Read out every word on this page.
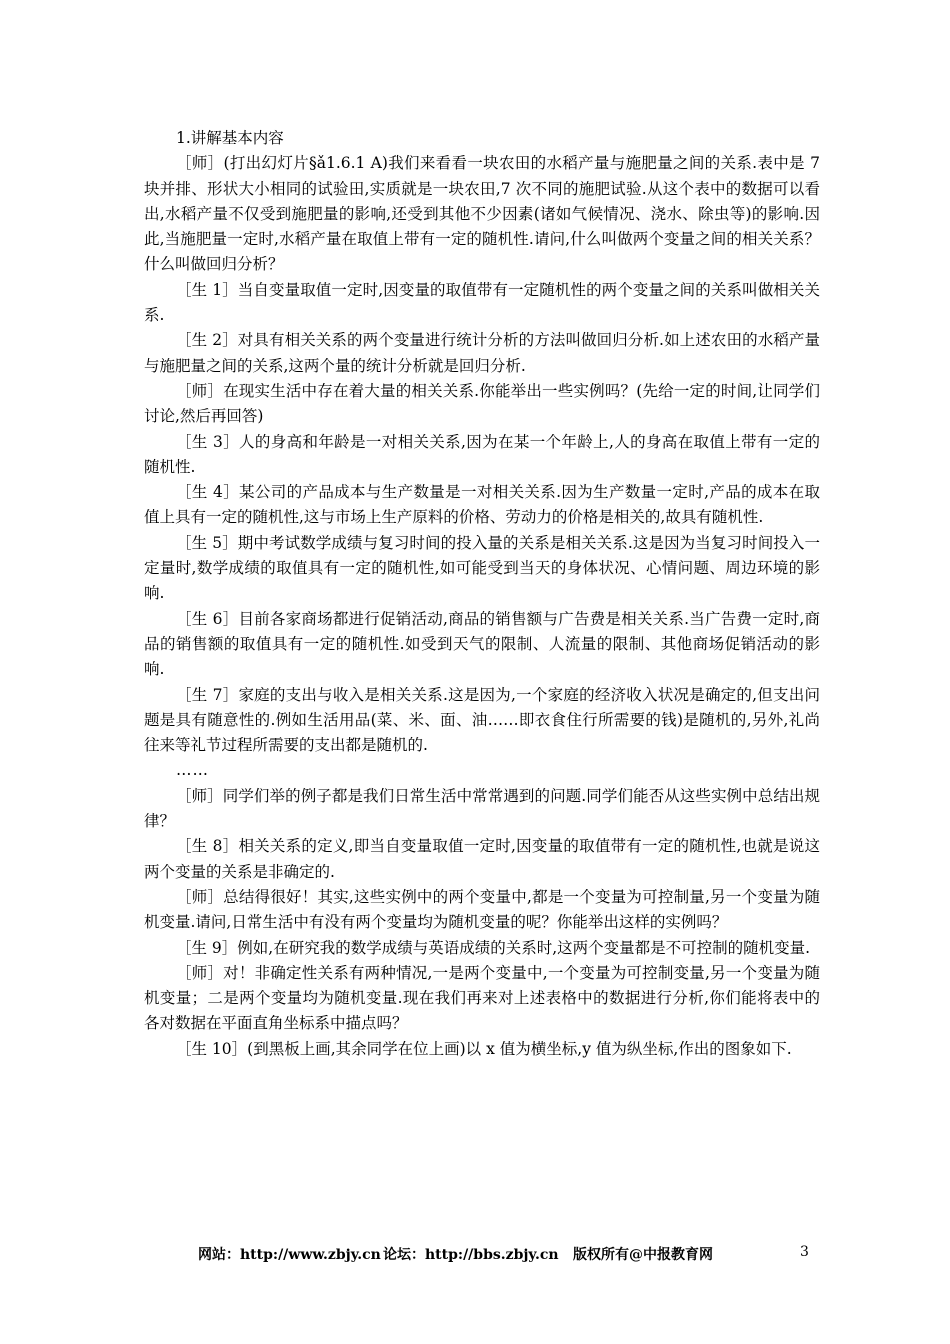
1.讲解基本内容

［师］(打出幻灯片§ǎ1.6.1 A)我们来看看一块农田的水稻产量与施肥量之间的关系.表中是 7 块并排、形状大小相同的试验田,实质就是一块农田,7 次不同的施肥试验.从这个表中的数据可以看出,水稻产量不仅受到施肥量的影响,还受到其他不少因素(诸如气候情况、浇水、除虫等)的影响.因此,当施肥量一定时,水稻产量在取值上带有一定的随机性.请问,什么叫做两个变量之间的相关关系？什么叫做回归分析？

［生 1］当自变量取值一定时,因变量的取值带有一定随机性的两个变量之间的关系叫做相关关系.

［生 2］对具有相关关系的两个变量进行统计分析的方法叫做回归分析.如上述农田的水稻产量与施肥量之间的关系,这两个量的统计分析就是回归分析.

［师］在现实生活中存在着大量的相关关系.你能举出一些实例吗？(先给一定的时间,让同学们讨论,然后再回答)

［生 3］人的身高和年龄是一对相关关系,因为在某一个年龄上,人的身高在取值上带有一定的随机性.

［生 4］某公司的产品成本与生产数量是一对相关关系.因为生产数量一定时,产品的成本在取值上具有一定的随机性,这与市场上生产原料的价格、劳动力的价格是相关的,故具有随机性.

［生 5］期中考试数学成绩与复习时间的投入量的关系是相关关系.这是因为当复习时间投入一定量时,数学成绩的取值具有一定的随机性,如可能受到当天的身体状况、心情问题、周边环境的影响.

［生 6］目前各家商场都进行促销活动,商品的销售额与广告费是相关关系.当广告费一定时,商品的销售额的取值具有一定的随机性.如受到天气的限制、人流量的限制、其他商场促销活动的影响.

［生 7］家庭的支出与收入是相关关系.这是因为,一个家庭的经济收入状况是确定的,但支出问题是具有随意性的.例如生活用品(菜、米、面、油……即衣食住行所需要的钱)是随机的,另外,礼尚往来等礼节过程所需要的支出都是随机的.

……

［师］同学们举的例子都是我们日常生活中常常遇到的问题.同学们能否从这些实例中总结出规律？

［生 8］相关关系的定义,即当自变量取值一定时,因变量的取值带有一定的随机性,也就是说这两个变量的关系是非确定的.

［师］总结得很好！其实,这些实例中的两个变量中,都是一个变量为可控制量,另一个变量为随机变量.请问,日常生活中有没有两个变量均为随机变量的呢？你能举出这样的实例吗？

［生 9］例如,在研究我的数学成绩与英语成绩的关系时,这两个变量都是不可控制的随机变量.

［师］对！非确定性关系有两种情况,一是两个变量中,一个变量为可控制变量,另一个变量为随机变量；二是两个变量均为随机变量.现在我们再来对上述表格中的数据进行分析,你们能将表中的各对数据在平面直角坐标系中描点吗？

［生 10］(到黑板上画,其余同学在位上画)以 x 值为横坐标,y 值为纵坐标,作出的图象如下.

网站：http://www.zbjy.cn 论坛：http://bbs.zbjy.cn 版权所有@中报教育网	3
